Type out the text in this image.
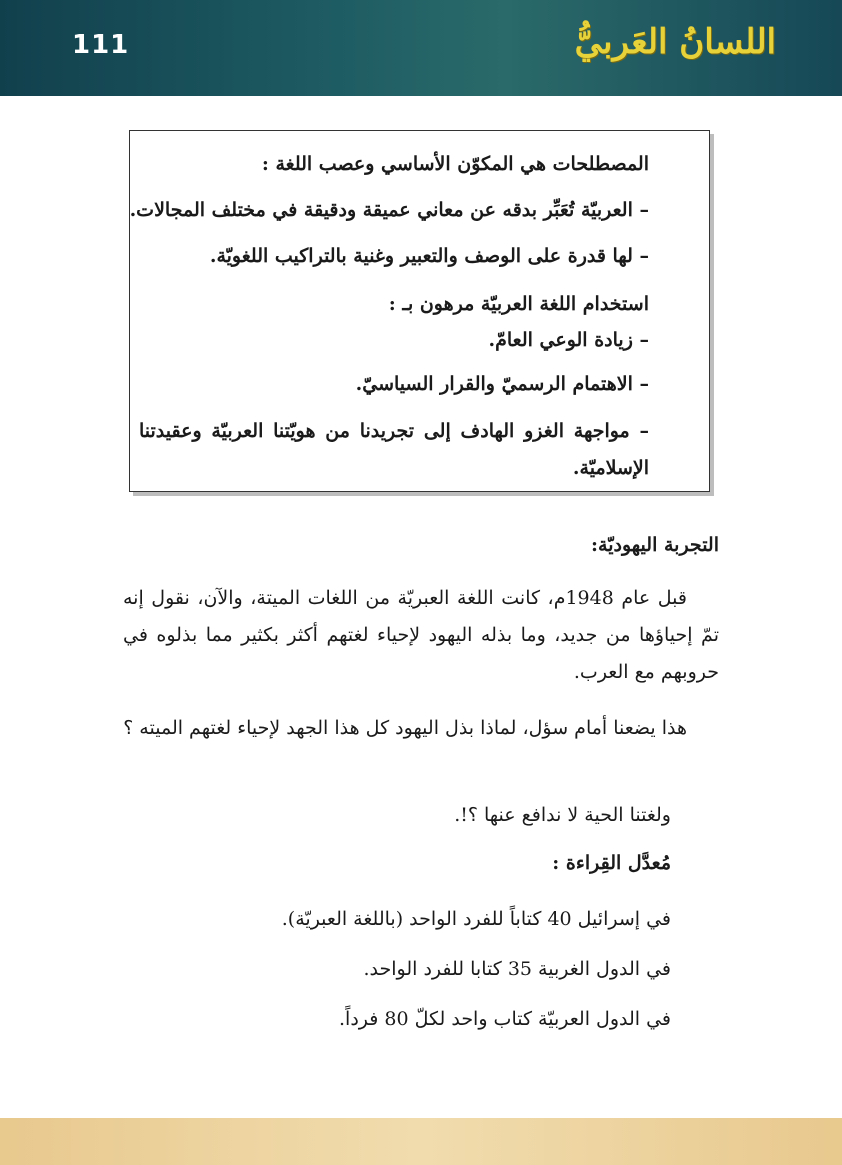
111	اللسانُ العَربيُّ
المصطلحات هي المكوّن الأساسي وعصب اللغة :
– العربيّة تُعَبِّر بدقه عن معاني عميقة ودقيقة في مختلف المجالات.
– لها قدرة على الوصف والتعبير وغنية بالتراكيب اللغويّة.
استخدام اللغة العربيّة مرهون بـ :
– زيادة الوعي العامّ.
– الاهتمام الرسميّ والقرار السياسيّ.
– مواجهة الغزو الهادف إلى تجريدنا من هويّتنا العربيّة وعقيدتنا الإسلاميّة.
التجربة اليهوديّة:
قبل عام 1948م، كانت اللغة العبريّة من اللغات الميتة، والآن، نقول إنه تمّ إحياؤها من جديد، وما بذله اليهود لإحياء لغتهم أكثر بكثير مما بذلوه في حروبهم مع العرب.
هذا يضعنا أمام سؤل، لماذا بذل اليهود كل هذا الجهد لإحياء لغتهم الميته ؟
ولغتنا الحية لا ندافع عنها ؟!.
مُعدَّل القِراءة :
في إسرائيل 40 كتاباً للفرد الواحد (باللغة العبريّة).
في الدول الغربية 35 كتابا للفرد الواحد.
في الدول العربيّة كتاب واحد لكلّ 80 فرداً.
